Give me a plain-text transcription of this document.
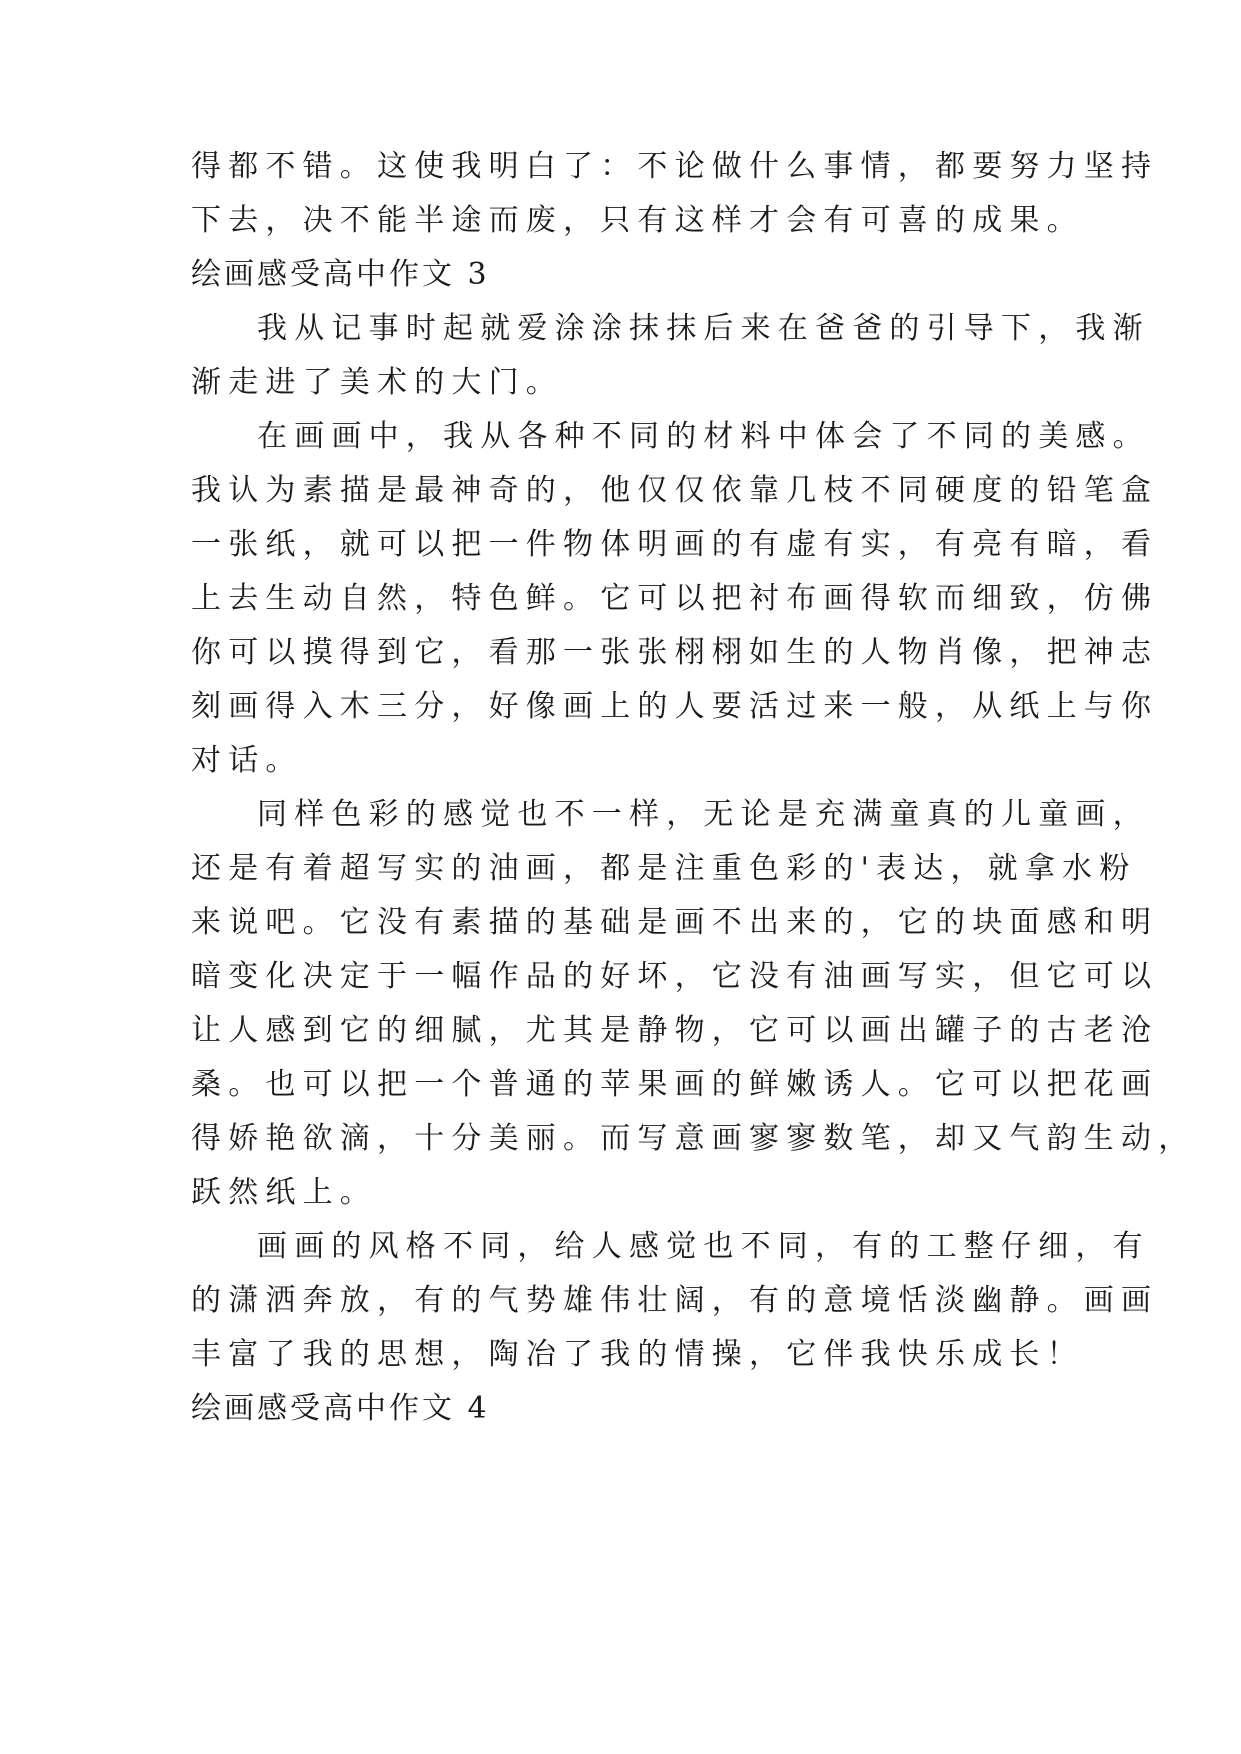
得都不错。这使我明白了：不论做什么事情，都要努力坚持
下去，决不能半途而废，只有这样才会有可喜的成果。
绘画感受高中作文 3
我从记事时起就爱涂涂抹抹后来在爸爸的引导下，我渐
渐走进了美术的大门。
在画画中，我从各种不同的材料中体会了不同的美感。
我认为素描是最神奇的，他仅仅依靠几枝不同硬度的铅笔盒
一张纸，就可以把一件物体明画的有虚有实，有亮有暗，看
上去生动自然，特色鲜。它可以把衬布画得软而细致，仿佛
你可以摸得到它，看那一张张栩栩如生的人物肖像，把神志
刻画得入木三分，好像画上的人要活过来一般，从纸上与你
对话。
同样色彩的感觉也不一样，无论是充满童真的儿童画，
还是有着超写实的油画，都是注重色彩的'表达，就拿水粉
来说吧。它没有素描的基础是画不出来的，它的块面感和明
暗变化决定于一幅作品的好坏，它没有油画写实，但它可以
让人感到它的细腻，尤其是静物，它可以画出罐子的古老沧
桑。也可以把一个普通的苹果画的鲜嫩诱人。它可以把花画
得娇艳欲滴，十分美丽。而写意画寥寥数笔，却又气韵生动，
跃然纸上。
画画的风格不同，给人感觉也不同，有的工整仔细，有
的潇洒奔放，有的气势雄伟壮阔，有的意境恬淡幽静。画画
丰富了我的思想，陶冶了我的情操，它伴我快乐成长！
绘画感受高中作文 4
